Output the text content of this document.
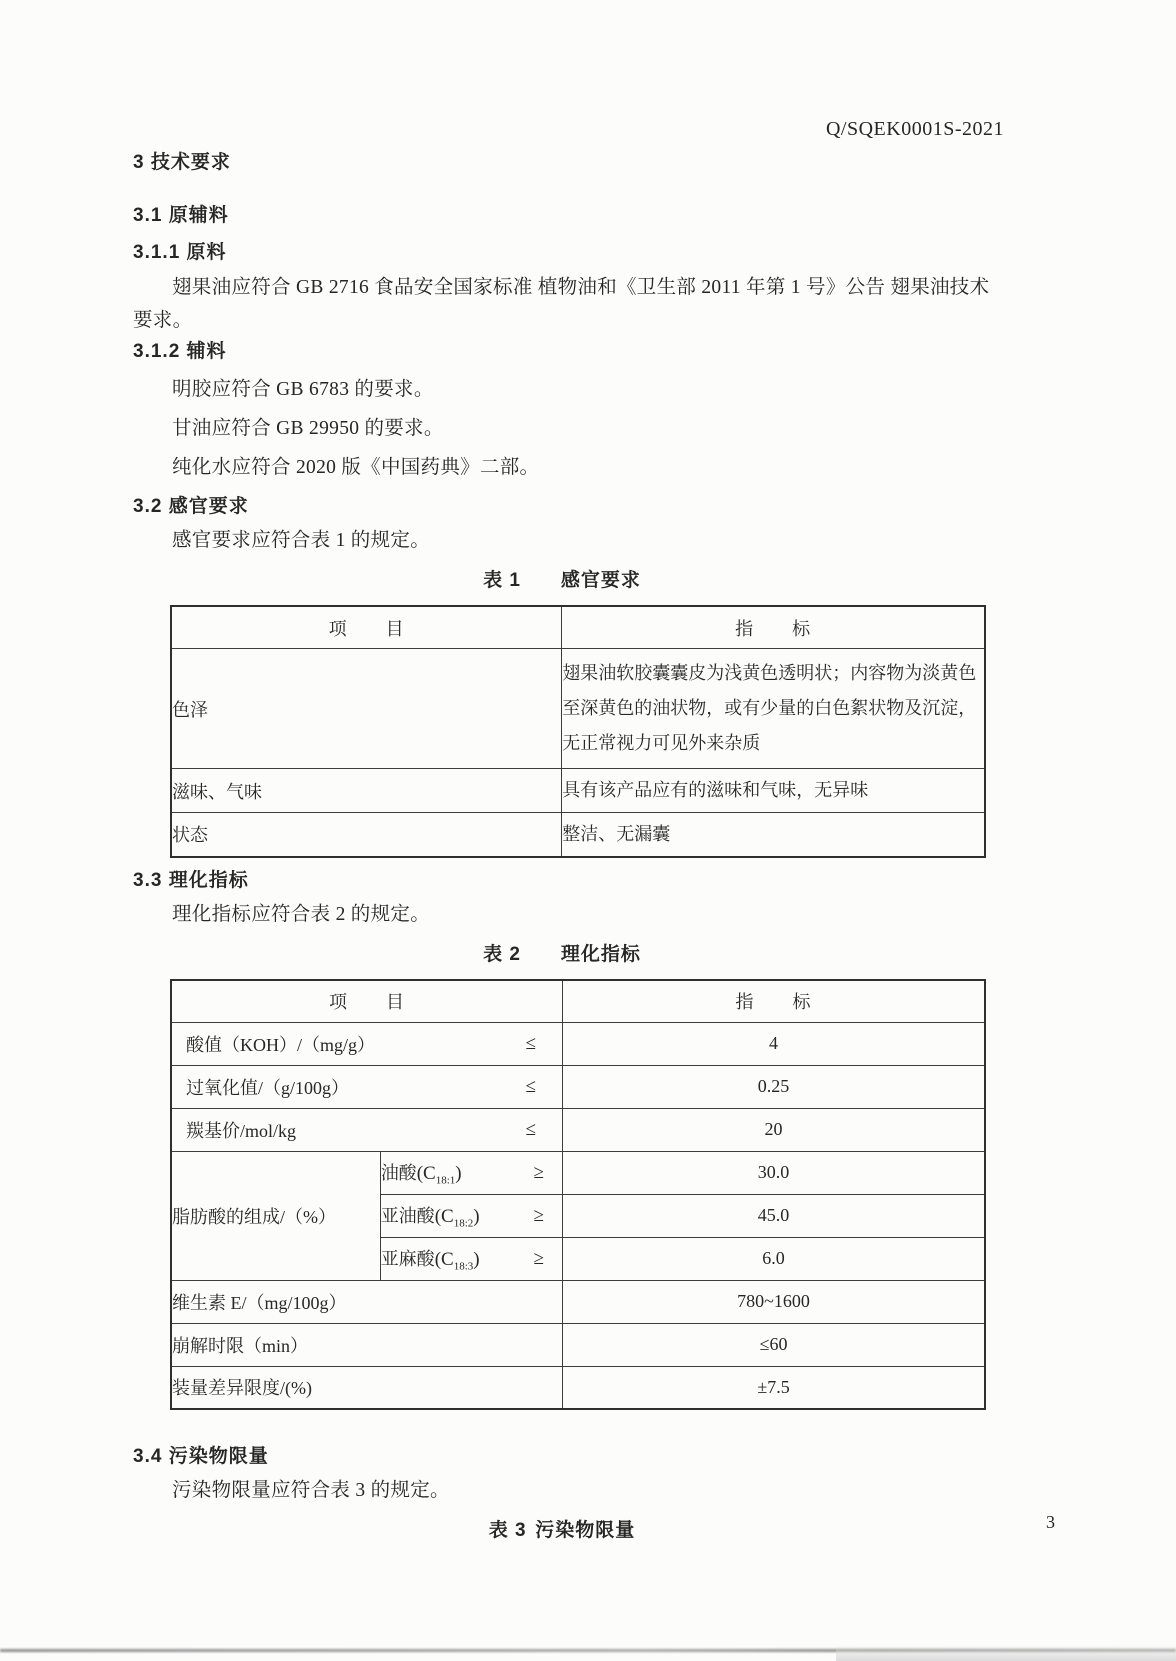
Q/SQEK0001S-2021
3 技术要求
3.1 原辅料
3.1.1 原料
翅果油应符合 GB 2716 食品安全国家标准 植物油和《卫生部 2011 年第 1 号》公告 翅果油技术要求。
3.1.2 辅料
明胶应符合 GB 6783 的要求。
甘油应符合 GB 29950 的要求。
纯化水应符合 2020 版《中国药典》二部。
3.2 感官要求
感官要求应符合表 1 的规定。
表 1 感官要求
项　　目	指　　标
色泽	翅果油软胶囊囊皮为浅黄色透明状；内容物为淡黄色至深黄色的油状物，或有少量的白色絮状物及沉淀，无正常视力可见外来杂质
滋味、气味	具有该产品应有的滋味和气味，无异味
状态	整洁、无漏囊
3.3 理化指标
理化指标应符合表 2 的规定。
表 2 理化指标
项　　目		指　　标
酸值（KOH）/（mg/g） ≤		4
过氧化值/（g/100g） ≤		0.25
羰基价/mol/kg ≤		20
脂肪酸的组成/（%）	油酸$(C_{18:1})$ ≥	30.0
	亚油酸$(C_{18:2})$ ≥	45.0
	亚麻酸$(C_{18:3})$ ≥	6.0
维生素 E/（mg/100g）		780~1600
崩解时限（min）		≤60
装量差异限度/(%)		±7.5
3.4 污染物限量
污染物限量应符合表 3 的规定。
表 3 污染物限量	3
